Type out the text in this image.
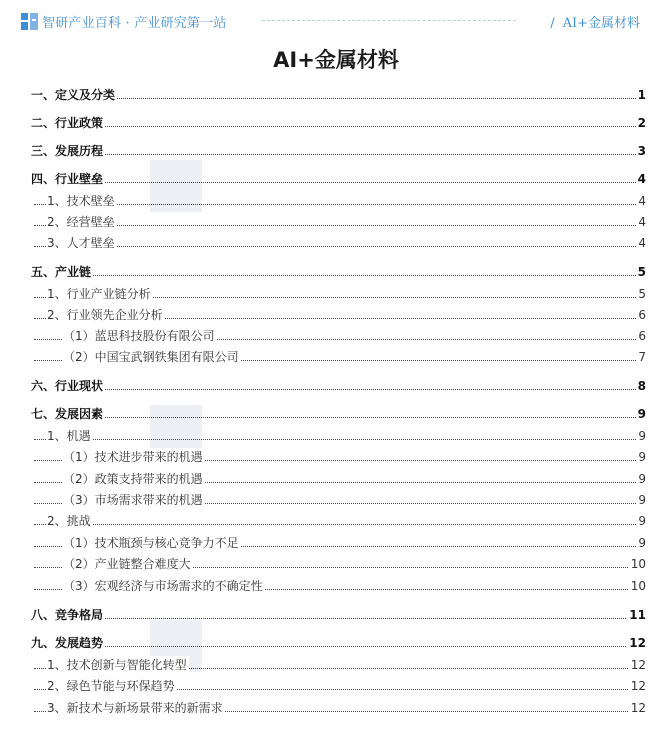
智研产业百科 · 产业研究第一站	/ AI+金属材料
AI+金属材料
一、定义及分类	1
二、行业政策	2
三、发展历程	3
四、行业壁垒	4
1、技术壁垒	4
2、经营壁垒	4
3、人才壁垒	4
五、产业链	5
1、行业产业链分析	5
2、行业领先企业分析	6
（1）蓝思科技股份有限公司	6
（2）中国宝武钢铁集团有限公司	7
六、行业现状	8
七、发展因素	9
1、机遇	9
（1）技术进步带来的机遇	9
（2）政策支持带来的机遇	9
（3）市场需求带来的机遇	9
2、挑战	9
（1）技术瓶颈与核心竞争力不足	9
（2）产业链整合难度大	10
（3）宏观经济与市场需求的不确定性	10
八、竞争格局	11
九、发展趋势	12
1、技术创新与智能化转型	12
2、绿色节能与环保趋势	12
3、新技术与新场景带来的新需求	12
